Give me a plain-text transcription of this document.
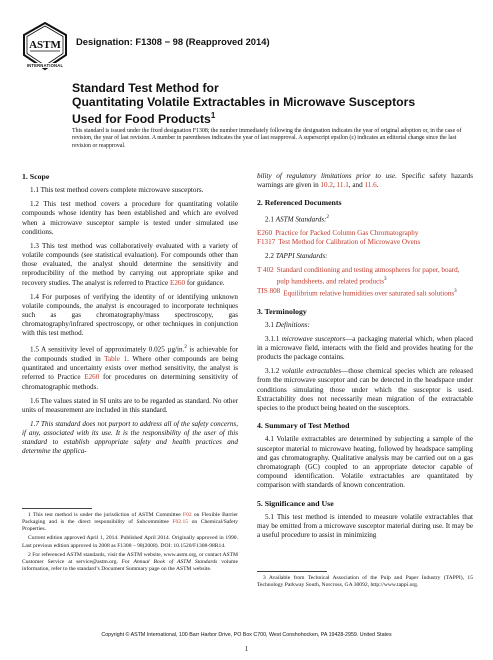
ASTM
INTERNATIONAL
Designation: F1308 − 98 (Reapproved 2014)
Standard Test Method for
Quantitating Volatile Extractables in Microwave Susceptors
Used for Food Products$^1$
This standard is issued under the fixed designation F1308; the number immediately following the designation indicates the year of original adoption or, in the case of revision, the year of last revision. A number in parentheses indicates the year of last reapproval. A superscript epsilon (ε) indicates an editorial change since the last revision or reapproval.
1. Scope

1.1 This test method covers complete microwave susceptors.

1.2 This test method covers a procedure for quantitating volatile compounds whose identity has been established and which are evolved when a microwave susceptor sample is tested under simulated use conditions.

1.3 This test method was collaboratively evaluated with a variety of volatile compounds (see statistical evaluation). For compounds other than those evaluated, the analyst should determine the sensitivity and reproducibility of the method by carrying out appropriate spike and recovery studies. The analyst is referred to Practice E260 for guidance.

1.4 For purposes of verifying the identity of or identifying unknown volatile compounds, the analyst is encouraged to incorporate techniques such as gas chromatography/mass spectroscopy, gas chromatography/infrared spectroscopy, or other techniques in conjunction with this test method.

1.5 A sensitivity level of approximately 0.025 µg/in.$^2$ is achievable for the compounds studied in Table 1. Where other compounds are being quantitated and uncertainty exists over method sensitivity, the analyst is referred to Practice E260 for procedures on determining sensitivity of chromatographic methods.

1.6 The values stated in SI units are to be regarded as standard. No other units of measurement are included in this standard.

1.7 This standard does not purport to address all of the safety concerns, if any, associated with its use. It is the responsibility of the user of this standard to establish appropriate safety and health practices and determine the applica-

bility of regulatory limitations prior to use. Specific safety hazards warnings are given in 10.2, 11.1, and 11.6.

2. Referenced Documents

2.1 ASTM Standards:$^2$

E260 Practice for Packed Column Gas Chromatography
F1317 Test Method for Calibration of Microwave Ovens

2.2 TAPPI Standards:

T 402 Standard conditioning and testing atmospheres for paper, board, pulp handsheets, and related products$^3$
TIS 808 Equilibrium relative humidities over saturated salt solutions$^3$
3. Terminology

3.1 Definitions:

3.1.1 microwave susceptors—a packaging material which, when placed in a microwave field, interacts with the field and provides heating for the products the package contains.

3.1.2 volatile extractables—those chemical species which are released from the microwave susceptor and can be detected in the headspace under conditions simulating those under which the susceptor is used. Extractability does not necessarily mean migration of the extractable species to the product being heated on the susceptors.

4. Summary of Test Method

4.1 Volatile extractables are determined by subjecting a sample of the susceptor material to microwave heating, followed by headspace sampling and gas chromatography. Qualitative analysis may be carried out on a gas chromatograph (GC) coupled to an appropriate detector capable of compound identification. Volatile extractables are quantitated by comparison with standards of known concentration.

5. Significance and Use

5.1 This test method is intended to measure volatile extractables that may be emitted from a microwave susceptor material during use. It may be a useful procedure to assist in minimizing

1 This test method is under the jurisdiction of ASTM Committee F02 on Flexible Barrier Packaging and is the direct responsibility of Subcommittee F02.15 on Chemical/Safety Properties.

Current edition approved April 1, 2014. Published April 2014. Originally approved in 1990. Last previous edition approved in 2008 as F1308 – 98(2008). DOI: 10.1520/F1308-98R14.

2 For referenced ASTM standards, visit the ASTM website, www.astm.org, or contact ASTM Customer Service at service@astm.org. For Annual Book of ASTM Standards volume information, refer to the standard’s Document Summary page on the ASTM website.

3 Available from Technical Association of the Pulp and Paper Industry (TAPPI), 15 Technology Parkway South, Norcross, GA 30092, http://www.tappi.org.

Copyright © ASTM International, 100 Barr Harbor Drive, PO Box C700, West Conshohocken, PA 19428-2959. United States
1
